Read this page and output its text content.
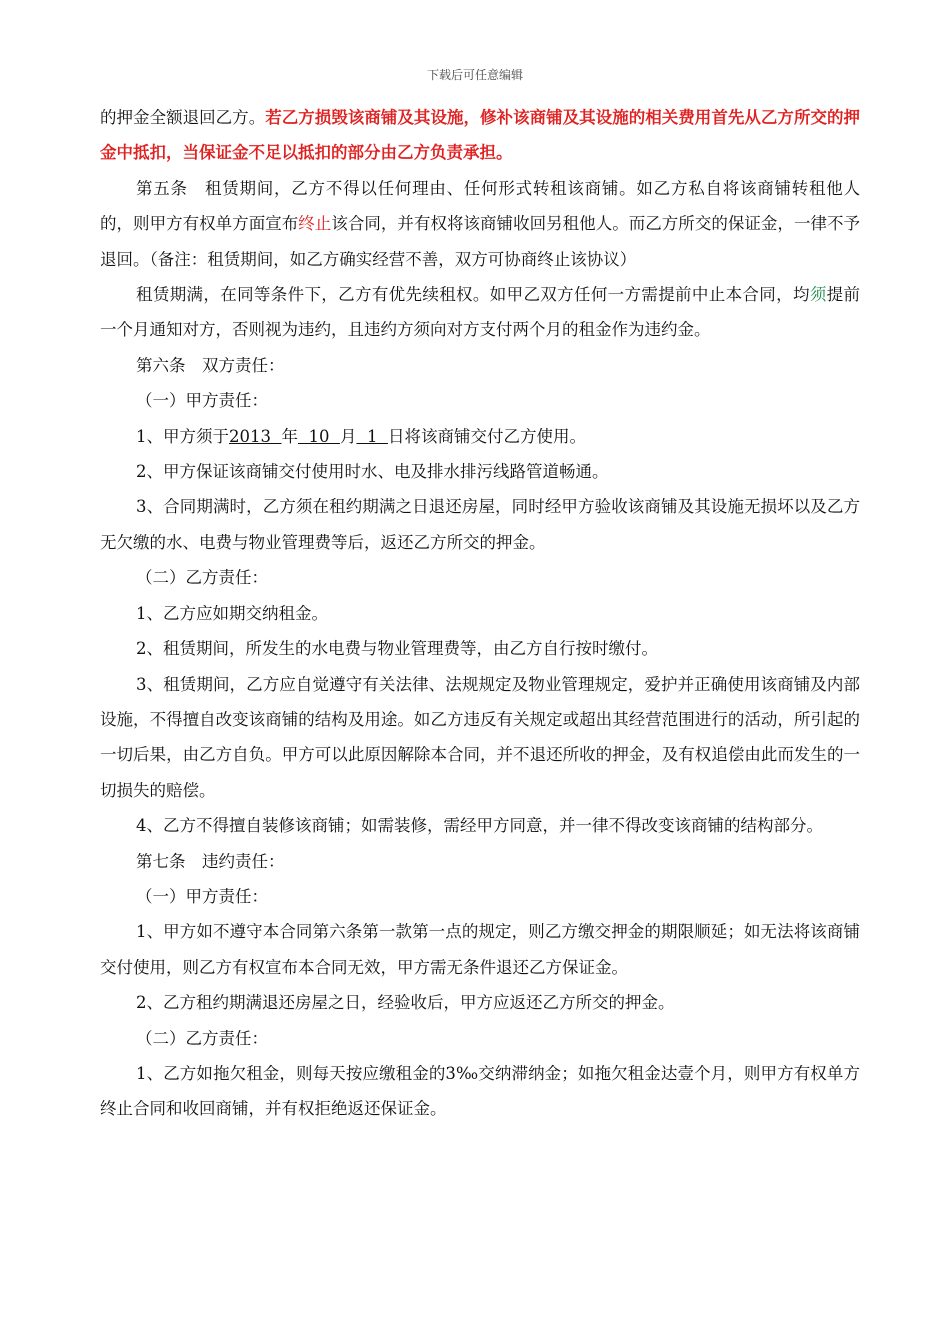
下载后可任意编辑

的押金全额退回乙方。若乙方损毁该商铺及其设施，修补该商铺及其设施的相关费用首先从乙方所交的押金中抵扣，当保证金不足以抵扣的部分由乙方负责承担。

第五条　租赁期间，乙方不得以任何理由、任何形式转租该商铺。如乙方私自将该商铺转租他人的，则甲方有权单方面宣布终止该合同，并有权将该商铺收回另租他人。而乙方所交的保证金，一律不予退回。（备注：租赁期间，如乙方确实经营不善，双方可协商终止该协议）

租赁期满，在同等条件下，乙方有优先续租权。如甲乙双方任何一方需提前中止本合同，均须提前一个月通知对方，否则视为违约，且违约方须向对方支付两个月的租金作为违约金。

第六条　双方责任：

（一）甲方责任：

1、甲方须于2013  年  10  月  1  日将该商铺交付乙方使用。

2、甲方保证该商铺交付使用时水、电及排水排污线路管道畅通。

3、合同期满时，乙方须在租约期满之日退还房屋，同时经甲方验收该商铺及其设施无损坏以及乙方无欠缴的水、电费与物业管理费等后，返还乙方所交的押金。

（二）乙方责任：

1、乙方应如期交纳租金。

2、租赁期间，所发生的水电费与物业管理费等，由乙方自行按时缴付。

3、租赁期间，乙方应自觉遵守有关法律、法规规定及物业管理规定，爱护并正确使用该商铺及内部设施，不得擅自改变该商铺的结构及用途。如乙方违反有关规定或超出其经营范围进行的活动，所引起的一切后果，由乙方自负。甲方可以此原因解除本合同，并不退还所收的押金，及有权追偿由此而发生的一切损失的赔偿。

4、乙方不得擅自装修该商铺；如需装修，需经甲方同意，并一律不得改变该商铺的结构部分。

第七条　违约责任：

（一）甲方责任：

1、甲方如不遵守本合同第六条第一款第一点的规定，则乙方缴交押金的期限顺延；如无法将该商铺交付使用，则乙方有权宣布本合同无效，甲方需无条件退还乙方保证金。

2、乙方租约期满退还房屋之日，经验收后，甲方应返还乙方所交的押金。

（二）乙方责任：

1、乙方如拖欠租金，则每天按应缴租金的3‰交纳滞纳金；如拖欠租金达壹个月，则甲方有权单方终止合同和收回商铺，并有权拒绝返还保证金。
